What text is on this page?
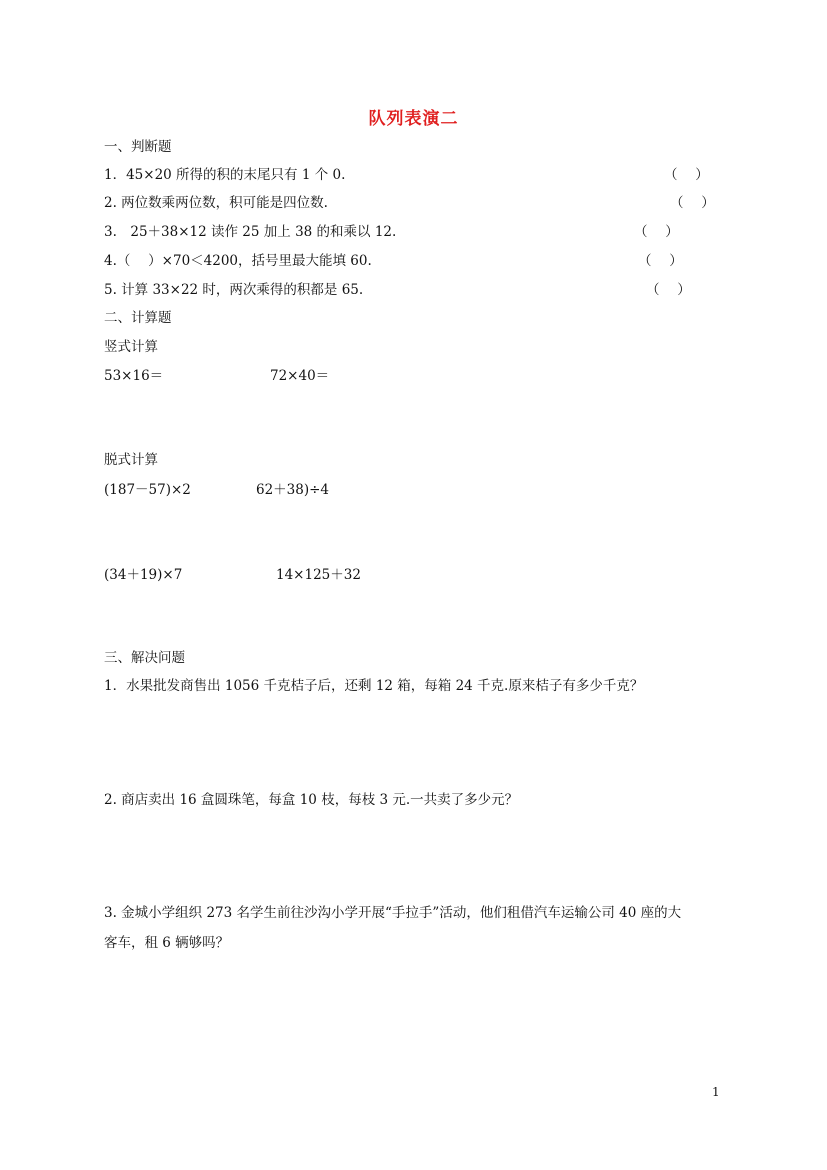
队列表演二
一、判断题
1．45×20 所得的积的末尾只有 1 个 0.	（　 ）
2. 两位数乘两位数，积可能是四位数.	（　 ）
3.　25＋38×12 读作 25 加上 38 的和乘以 12.	（　 ）
4.（　 ）×70＜4200，括号里最大能填 60.	（　 ）
5. 计算 33×22 时，两次乘得的积都是 65.	（　 ）
二、计算题
竖式计算
53×16＝	72×40＝
脱式计算
(187－57)×2	62＋38)÷4
(34＋19)×7	14×125＋32
三、解决问题
1．水果批发商售出 1056 千克桔子后，还剩 12 箱，每箱 24 千克.原来桔子有多少千克？
2. 商店卖出 16 盒圆珠笔，每盒 10 枝，每枝 3 元.一共卖了多少元？
3. 金城小学组织 273 名学生前往沙沟小学开展“手拉手”活动，他们租借汽车运输公司 40 座的大
客车，租 6 辆够吗？
1
